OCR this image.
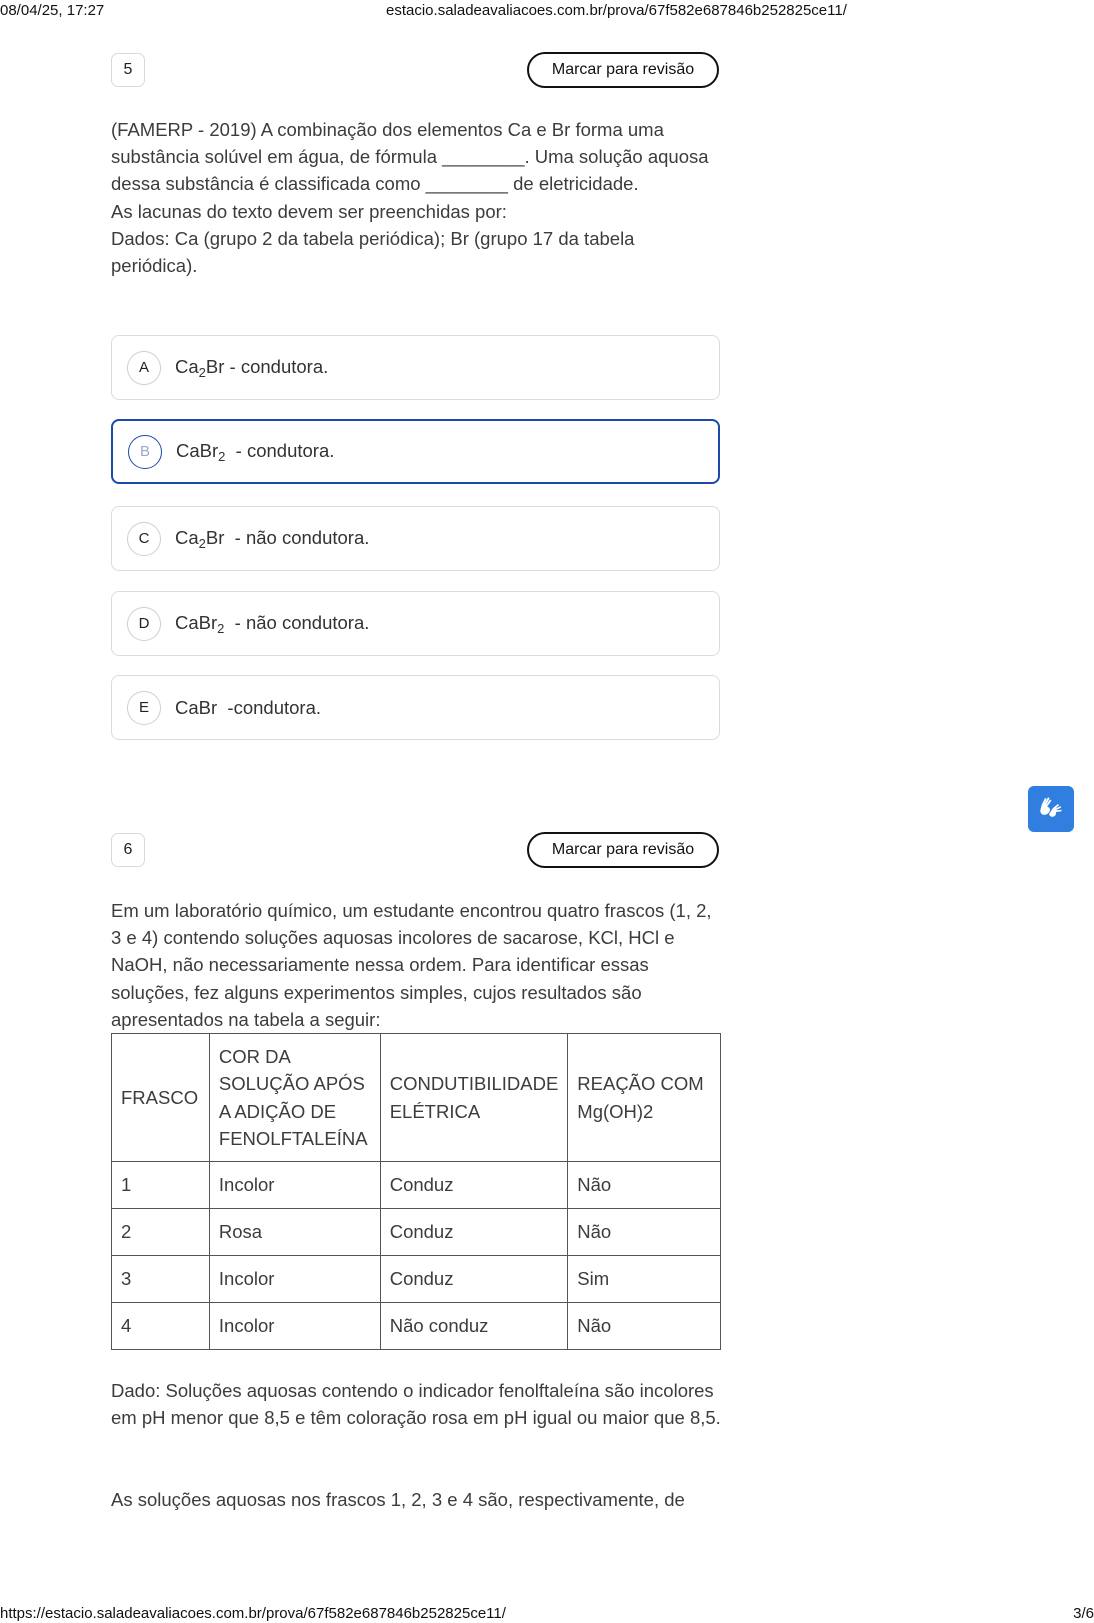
08/04/25, 17:27	estacio.saladeavaliacoes.com.br/prova/67f582e687846b252825ce11/
5	Marcar para revisão

(FAMERP - 2019) A combinação dos elementos Ca e Br forma uma substância solúvel em água, de fórmula ________. Uma solução aquosa dessa substância é classificada como ________ de eletricidade.

As lacunas do texto devem ser preenchidas por:

Dados: Ca (grupo 2 da tabela periódica); Br (grupo 17 da tabela periódica).

A	$Ca_2Br$ - condutora.
B	CaBr$_2$  - condutora.
C	$Ca_2Br$  - não condutora.
D	CaBr$_2$  - não condutora.
E	CaBr  -condutora.
6	Marcar para revisão
Em um laboratório químico, um estudante encontrou quatro frascos (1, 2, 3 e 4) contendo soluções aquosas incolores de sacarose, KCl, HCl e NaOH, não necessariamente nessa ordem. Para identificar essas soluções, fez alguns experimentos simples, cujos resultados são apresentados na tabela a seguir:
FRASCO	COR DA SOLUÇÃO APÓS A ADIÇÃO DE FENOLFTALEÍNA	CONDUTIBILIDADE ELÉTRICA	REAÇÃO COM Mg(OH)2
1	Incolor	Conduz	Não
2	Rosa	Conduz	Não
3	Incolor	Conduz	Sim
4	Incolor	Não conduz	Não
Dado: Soluções aquosas contendo o indicador fenolftaleína são incolores em pH menor que 8,5 e têm coloração rosa em pH igual ou maior que 8,5.
As soluções aquosas nos frascos 1, 2, 3 e 4 são, respectivamente, de
https://estacio.saladeavaliacoes.com.br/prova/67f582e687846b252825ce11/	3/6
